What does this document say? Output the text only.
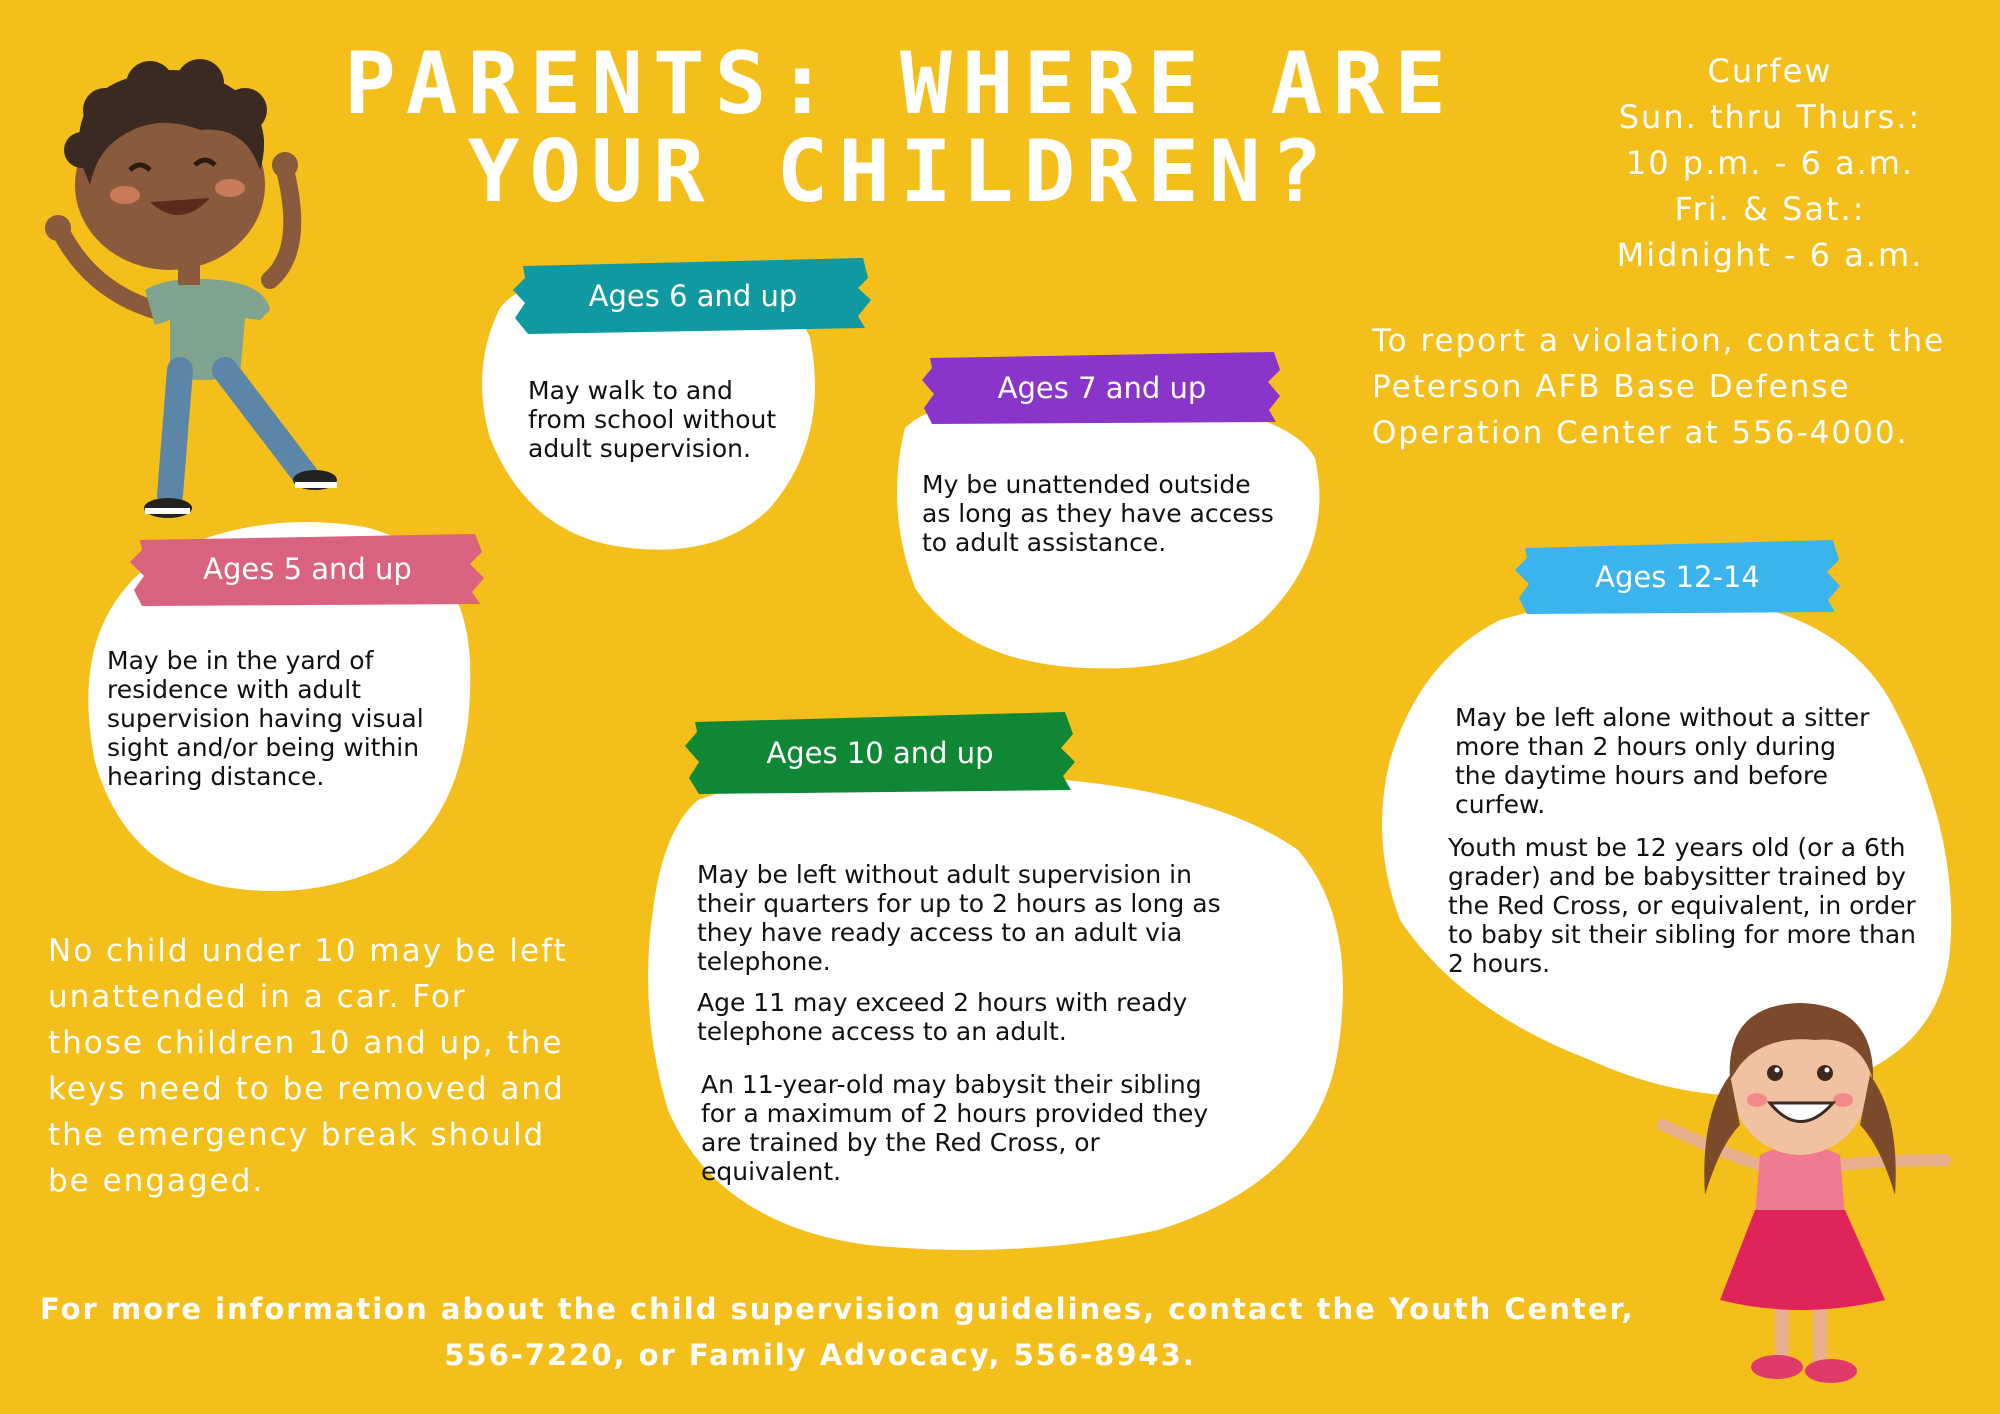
PARENTS: WHERE ARE
YOUR CHILDREN?
Curfew
Sun. thru Thurs.:
10 p.m. - 6 a.m.
Fri. & Sat.:
Midnight - 6 a.m.
To report a violation, contact the
Peterson AFB Base Defense
Operation Center at 556-4000.
Ages 6 and up
May walk to and
from school without
adult supervision.
Ages 7 and up
My be unattended outside
as long as they have access
to adult assistance.
Ages 5 and up
May be in the yard of
residence with adult
supervision having visual
sight and/or being within
hearing distance.
Ages 10 and up
May be left without adult supervision in
their quarters for up to 2 hours as long as
they have ready access to an adult via
telephone.
Age 11 may exceed 2 hours with ready
telephone access to an adult.
An 11-year-old may babysit their sibling
for a maximum of 2 hours provided they
are trained by the Red Cross, or
equivalent.
Ages 12-14
May be left alone without a sitter
more than 2 hours only during
the daytime hours and before
curfew.
Youth must be 12 years old (or a 6th
grader) and be babysitter trained by
the Red Cross, or equivalent, in order
to baby sit their sibling for more than
2 hours.
No child under 10 may be left
unattended in a car. For
those children 10 and up, the
keys need to be removed and
the emergency break should
be engaged.
For more information about the child supervision guidelines, contact the Youth Center,
556-7220, or Family Advocacy, 556-8943.
